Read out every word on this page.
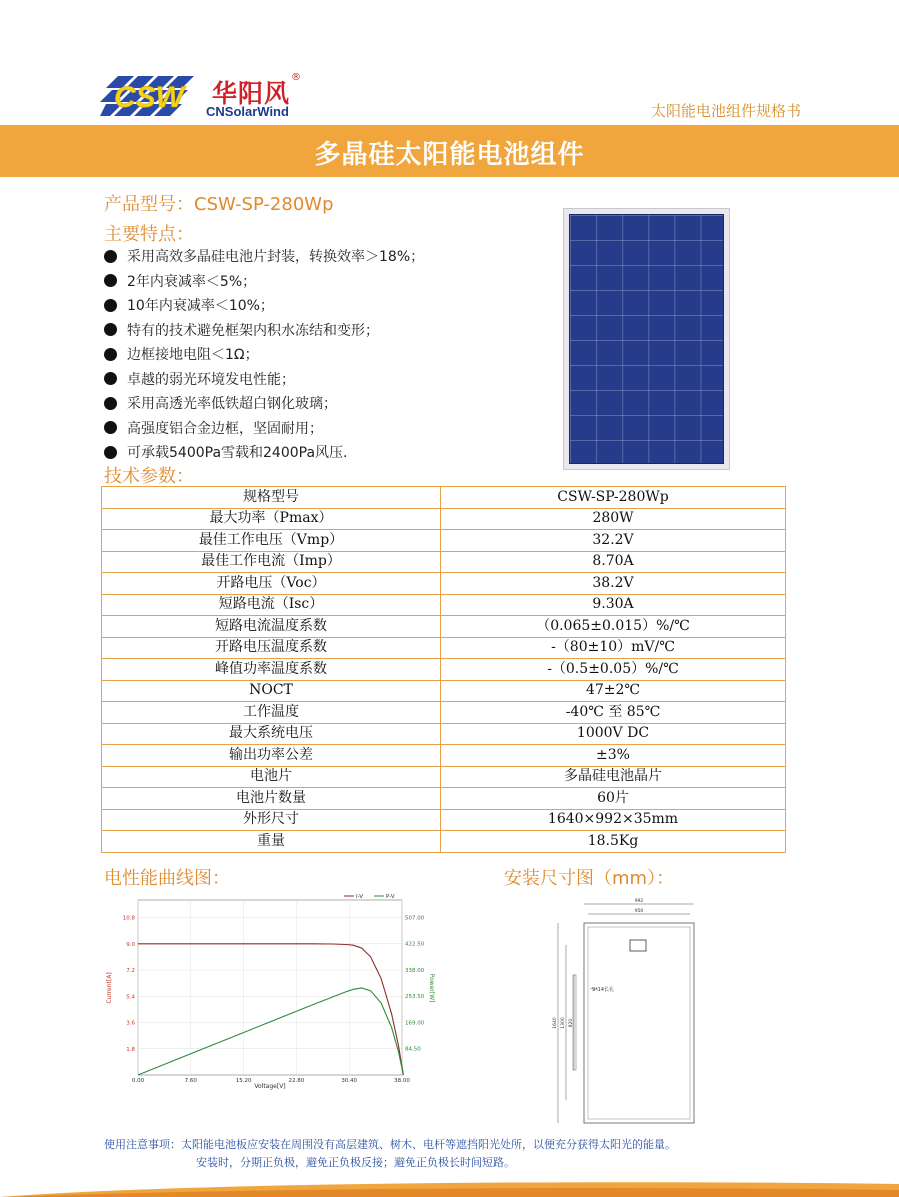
CSW 华阳风
®
CNSolarWind	太阳能电池组件规格书
多晶硅太阳能电池组件
产品型号：CSW-SP-280Wp
主要特点：
采用高效多晶硅电池片封装，转换效率＞18%；
2年内衰减率＜5%；
10年内衰减率＜10%；
特有的技术避免框架内积水冻结和变形；
边框接地电阻＜1Ω；
卓越的弱光环境发电性能；
采用高透光率低铁超白钢化玻璃；
高强度铝合金边框，坚固耐用；
可承载5400Pa雪载和2400Pa风压.
技术参数：
规格型号	CSW-SP-280Wp
最大功率（Pmax）	280W
最佳工作电压（Vmp）	32.2V
最佳工作电流（Imp）	8.70A
开路电压（Voc）	38.2V
短路电流（Isc）	9.30A
短路电流温度系数	（0.065±0.015）%/℃
开路电压温度系数	-（80±10）mV/℃
峰值功率温度系数	-（0.5±0.05）%/℃
NOCT	47±2℃
工作温度	-40℃ 至 85℃
最大系统电压	1000V DC
输出功率公差	±3%
电池片	多晶硅电池晶片
电池片数量	60片
外形尺寸	1640×992×35mm
重量	18.5Kg
电性能曲线图：
0.00	7.60	15.20	22.80	30.40	38.00
1.8
3.6
5.4
7.2
9.0
10.8
84.50
169.00
253.50
338.00
422.50
507.00
Voltage[V]
Current[A]	Power[W]
I-V	P-V
安装尺寸图（mm）：
992
950
1640 1300 820
9*14长孔
使用注意事项：太阳能电池板应安装在周围没有高层建筑、树木、电杆等遮挡阳光处所，以便充分获得太阳光的能量。
安装时，分期正负极，避免正负极反接；避免正负极长时间短路。
